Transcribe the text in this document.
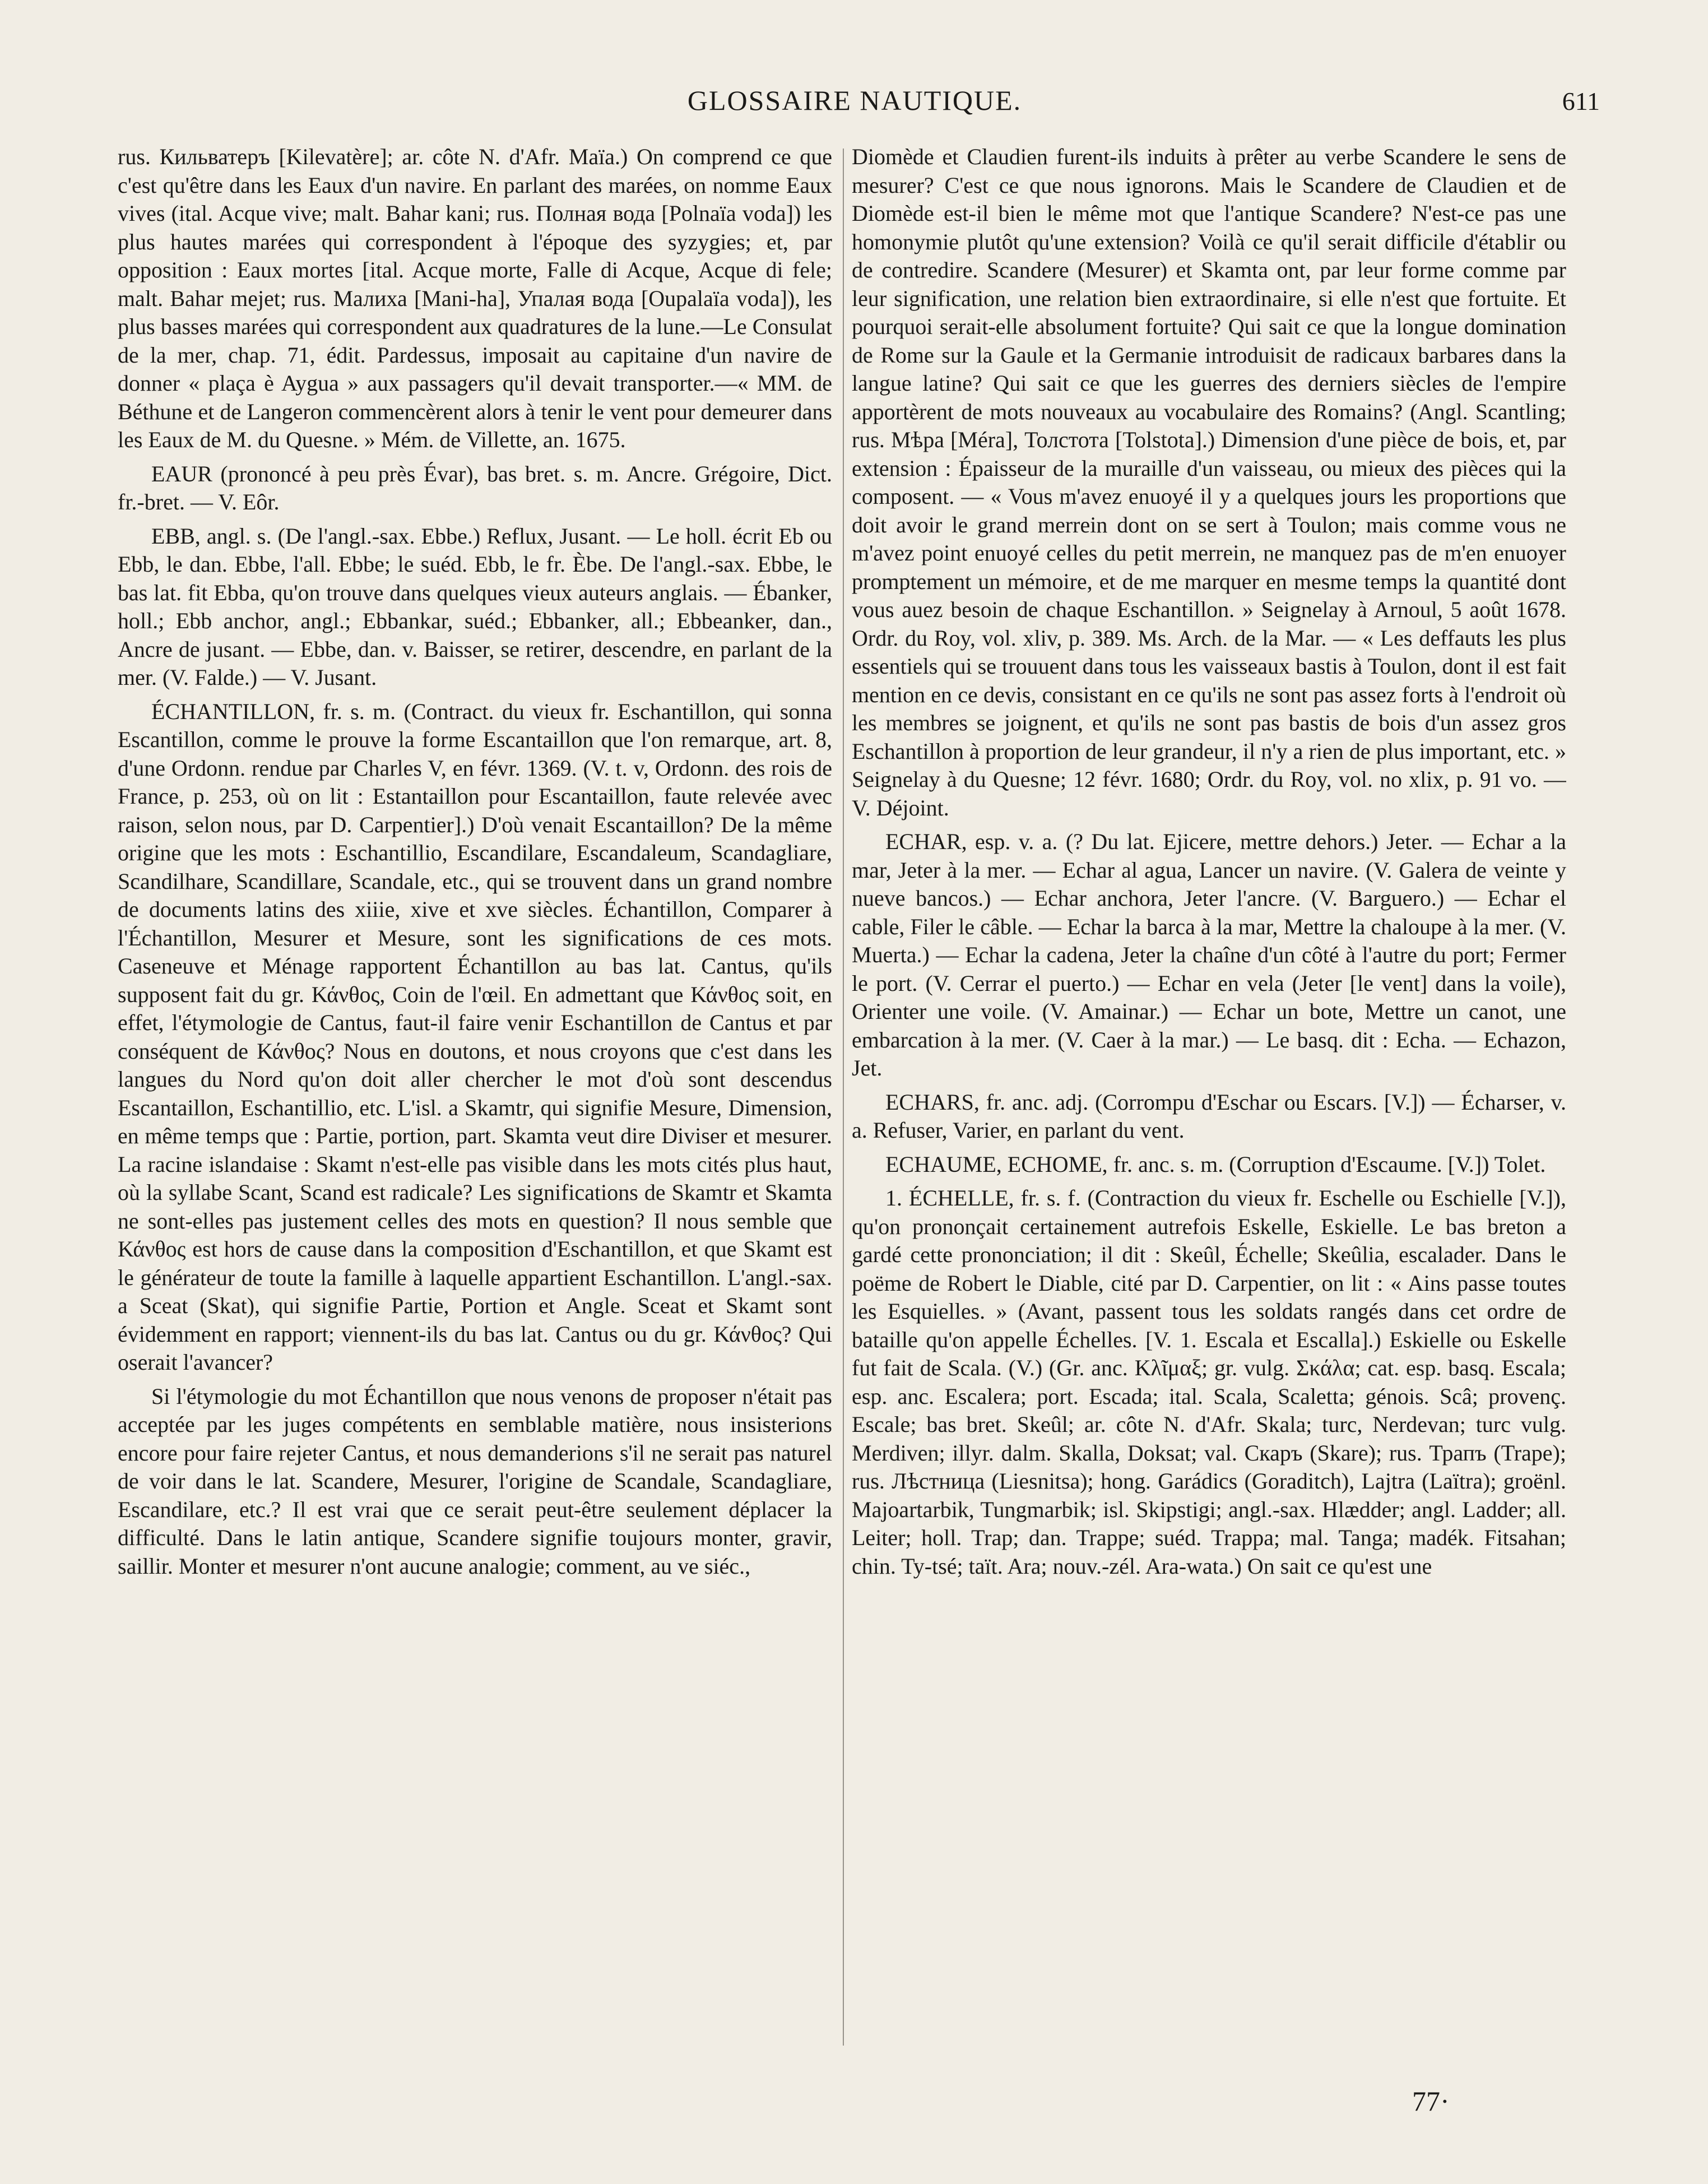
GLOSSAIRE NAUTIQUE.	611

rus. Кильватеръ [Kilevatère]; ar. côte N. d'Afr. Maïa.) On comprend ce que c'est qu'être dans les Eaux d'un navire. En parlant des marées, on nomme Eaux vives (ital. Acque vive; malt. Bahar kani; rus. Полная вода [Polnaïa voda]) les plus hautes marées qui correspondent à l'époque des syzygies; et, par opposition : Eaux mortes [ital. Acque morte, Falle di Acque, Acque di fele; malt. Bahar mejet; rus. Малиха [Mani-ha], Упалая вода [Oupalaïa voda]), les plus basses marées qui correspondent aux quadratures de la lune.—Le Consulat de la mer, chap. 71, édit. Pardessus, imposait au capitaine d'un navire de donner « plaça è Aygua » aux passagers qu'il devait transporter.—« MM. de Béthune et de Langeron commencèrent alors à tenir le vent pour demeurer dans les Eaux de M. du Quesne. » Mém. de Villette, an. 1675.

EAUR (prononcé à peu près Évar), bas bret. s. m. Ancre. Grégoire, Dict. fr.-bret. — V. Eôr.

EBB, angl. s. (De l'angl.-sax. Ebbe.) Reflux, Jusant. — Le holl. écrit Eb ou Ebb, le dan. Ebbe, l'all. Ebbe; le suéd. Ebb, le fr. Èbe. De l'angl.-sax. Ebbe, le bas lat. fit Ebba, qu'on trouve dans quelques vieux auteurs anglais. — Ébanker, holl.; Ebb anchor, angl.; Ebbankar, suéd.; Ebbanker, all.; Ebbeanker, dan., Ancre de jusant. — Ebbe, dan. v. Baisser, se retirer, descendre, en parlant de la mer. (V. Falde.) — V. Jusant.

ÉCHANTILLON, fr. s. m. (Contract. du vieux fr. Eschantillon, qui sonna Escantillon, comme le prouve la forme Escantaillon que l'on remarque, art. 8, d'une Ordonn. rendue par Charles V, en févr. 1369. (V. t. v, Ordonn. des rois de France, p. 253, où on lit : Estantaillon pour Escantaillon, faute relevée avec raison, selon nous, par D. Carpentier].) D'où venait Escantaillon? De la même origine que les mots : Eschantillio, Escandilare, Escandaleum, Scandagliare, Scandilhare, Scandillare, Scandale, etc., qui se trouvent dans un grand nombre de documents latins des xiiie, xive et xve siècles. Échantillon, Comparer à l'Échantillon, Mesurer et Mesure, sont les significations de ces mots. Caseneuve et Ménage rapportent Échantillon au bas lat. Cantus, qu'ils supposent fait du gr. Κάνθος, Coin de l'œil. En admettant que Κάνθος soit, en effet, l'étymologie de Cantus, faut-il faire venir Eschantillon de Cantus et par conséquent de Κάνθος? Nous en doutons, et nous croyons que c'est dans les langues du Nord qu'on doit aller chercher le mot d'où sont descendus Escantaillon, Eschantillio, etc. L'isl. a Skamtr, qui signifie Mesure, Dimension, en même temps que : Partie, portion, part. Skamta veut dire Diviser et mesurer. La racine islandaise : Skamt n'est-elle pas visible dans les mots cités plus haut, où la syllabe Scant, Scand est radicale? Les significations de Skamtr et Skamta ne sont-elles pas justement celles des mots en question? Il nous semble que Κάνθος est hors de cause dans la composition d'Eschantillon, et que Skamt est le générateur de toute la famille à laquelle appartient Eschantillon. L'angl.-sax. a Sceat (Skat), qui signifie Partie, Portion et Angle. Sceat et Skamt sont évidemment en rapport; viennent-ils du bas lat. Cantus ou du gr. Κάνθος? Qui oserait l'avancer?

Si l'étymologie du mot Échantillon que nous venons de proposer n'était pas acceptée par les juges compétents en semblable matière, nous insisterions encore pour faire rejeter Cantus, et nous demanderions s'il ne serait pas naturel de voir dans le lat. Scandere, Mesurer, l'origine de Scandale, Scandagliare, Escandilare, etc.? Il est vrai que ce serait peut-être seulement déplacer la difficulté. Dans le latin antique, Scandere signifie toujours monter, gravir, saillir. Monter et mesurer n'ont aucune analogie; comment, au ve siéc.,

Diomède et Claudien furent-ils induits à prêter au verbe Scandere le sens de mesurer? C'est ce que nous ignorons. Mais le Scandere de Claudien et de Diomède est-il bien le même mot que l'antique Scandere? N'est-ce pas une homonymie plutôt qu'une extension? Voilà ce qu'il serait difficile d'établir ou de contredire. Scandere (Mesurer) et Skamta ont, par leur forme comme par leur signification, une relation bien extraordinaire, si elle n'est que fortuite. Et pourquoi serait-elle absolument fortuite? Qui sait ce que la longue domination de Rome sur la Gaule et la Germanie introduisit de radicaux barbares dans la langue latine? Qui sait ce que les guerres des derniers siècles de l'empire apportèrent de mots nouveaux au vocabulaire des Romains? (Angl. Scantling; rus. Мѣра [Méra], Толстота [Tolstota].) Dimension d'une pièce de bois, et, par extension : Épaisseur de la muraille d'un vaisseau, ou mieux des pièces qui la composent. — « Vous m'avez enuoyé il y a quelques jours les proportions que doit avoir le grand merrein dont on se sert à Toulon; mais comme vous ne m'avez point enuoyé celles du petit merrein, ne manquez pas de m'en enuoyer promptement un mémoire, et de me marquer en mesme temps la quantité dont vous auez besoin de chaque Eschantillon. » Seignelay à Arnoul, 5 août 1678. Ordr. du Roy, vol. xliv, p. 389. Ms. Arch. de la Mar. — « Les deffauts les plus essentiels qui se trouuent dans tous les vaisseaux bastis à Toulon, dont il est fait mention en ce devis, consistant en ce qu'ils ne sont pas assez forts à l'endroit où les membres se joignent, et qu'ils ne sont pas bastis de bois d'un assez gros Eschantillon à proportion de leur grandeur, il n'y a rien de plus important, etc. » Seignelay à du Quesne; 12 févr. 1680; Ordr. du Roy, vol. no xlix, p. 91 vo. — V. Déjoint.

ECHAR, esp. v. a. (? Du lat. Ejicere, mettre dehors.) Jeter. — Echar a la mar, Jeter à la mer. — Echar al agua, Lancer un navire. (V. Galera de veinte y nueve bancos.) — Echar anchora, Jeter l'ancre. (V. Barguero.) — Echar el cable, Filer le câble. — Echar la barca à la mar, Mettre la chaloupe à la mer. (V. Muerta.) — Echar la cadena, Jeter la chaîne d'un côté à l'autre du port; Fermer le port. (V. Cerrar el puerto.) — Echar en vela (Jeter [le vent] dans la voile), Orienter une voile. (V. Amainar.) — Echar un bote, Mettre un canot, une embarcation à la mer. (V. Caer à la mar.) — Le basq. dit : Echa. — Echazon, Jet.

ECHARS, fr. anc. adj. (Corrompu d'Eschar ou Escars. [V.]) — Écharser, v. a. Refuser, Varier, en parlant du vent.

ECHAUME, ECHOME, fr. anc. s. m. (Corruption d'Escaume. [V.]) Tolet.

1. ÉCHELLE, fr. s. f. (Contraction du vieux fr. Eschelle ou Eschielle [V.]), qu'on prononçait certainement autrefois Eskelle, Eskielle. Le bas breton a gardé cette prononciation; il dit : Skeûl, Échelle; Skeûlia, escalader. Dans le poëme de Robert le Diable, cité par D. Carpentier, on lit : « Ains passe toutes les Esquielles. » (Avant, passent tous les soldats rangés dans cet ordre de bataille qu'on appelle Échelles. [V. 1. Escala et Escalla].) Eskielle ou Eskelle fut fait de Scala. (V.) (Gr. anc. Κλῖμαξ; gr. vulg. Σκάλα; cat. esp. basq. Escala; esp. anc. Escalera; port. Escada; ital. Scala, Scaletta; génois. Scâ; provenç. Escale; bas bret. Skeûl; ar. côte N. d'Afr. Skala; turc, Nerdevan; turc vulg. Merdiven; illyr. dalm. Skalla, Doksat; val. Скаръ (Skare); rus. Трапъ (Trape); rus. Лѣстница (Liesnitsa); hong. Garádics (Goraditch), Lajtra (Laïtra); groënl. Majoartarbik, Tungmarbik; isl. Skipstigi; angl.-sax. Hlædder; angl. Ladder; all. Leiter; holl. Trap; dan. Trappe; suéd. Trappa; mal. Tanga; madék. Fitsahan; chin. Ty-tsé; taït. Ara; nouv.-zél. Ara-wata.) On sait ce qu'est une

77·
